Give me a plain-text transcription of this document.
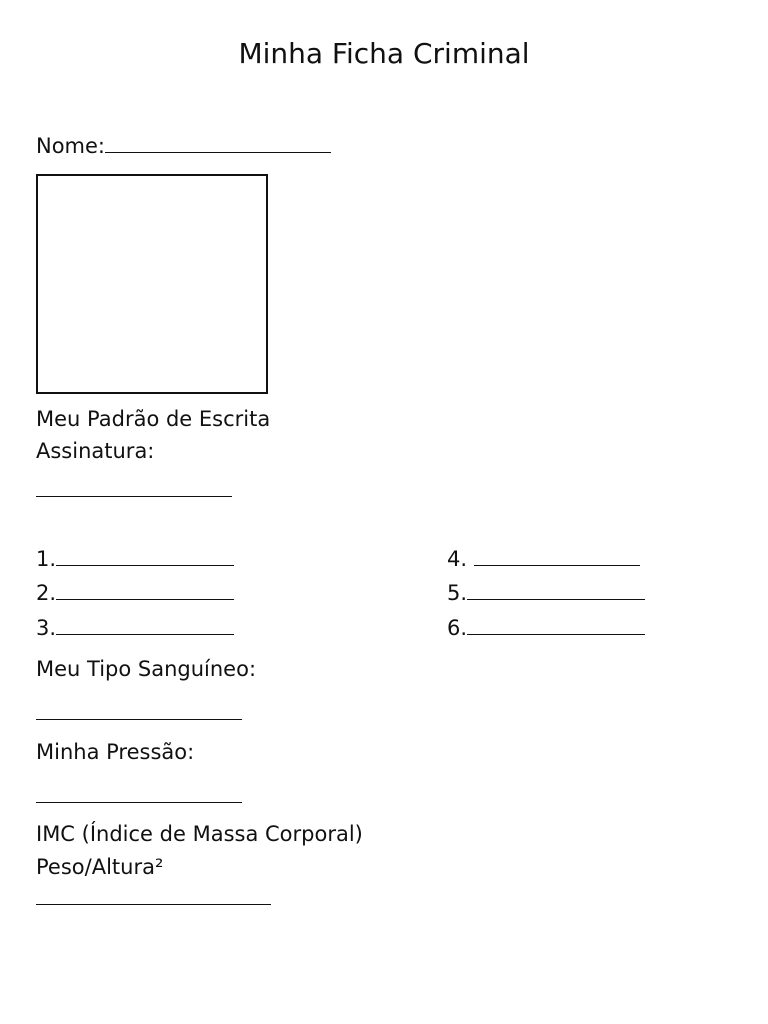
Minha Ficha Criminal
Nome:
Meu Padrão de Escrita
Assinatura:
1.
2.
3.
4.
5.
6.
Meu Tipo Sanguíneo:
Minha Pressão:
IMC (Índice de Massa Corporal)
Peso/Altura²
